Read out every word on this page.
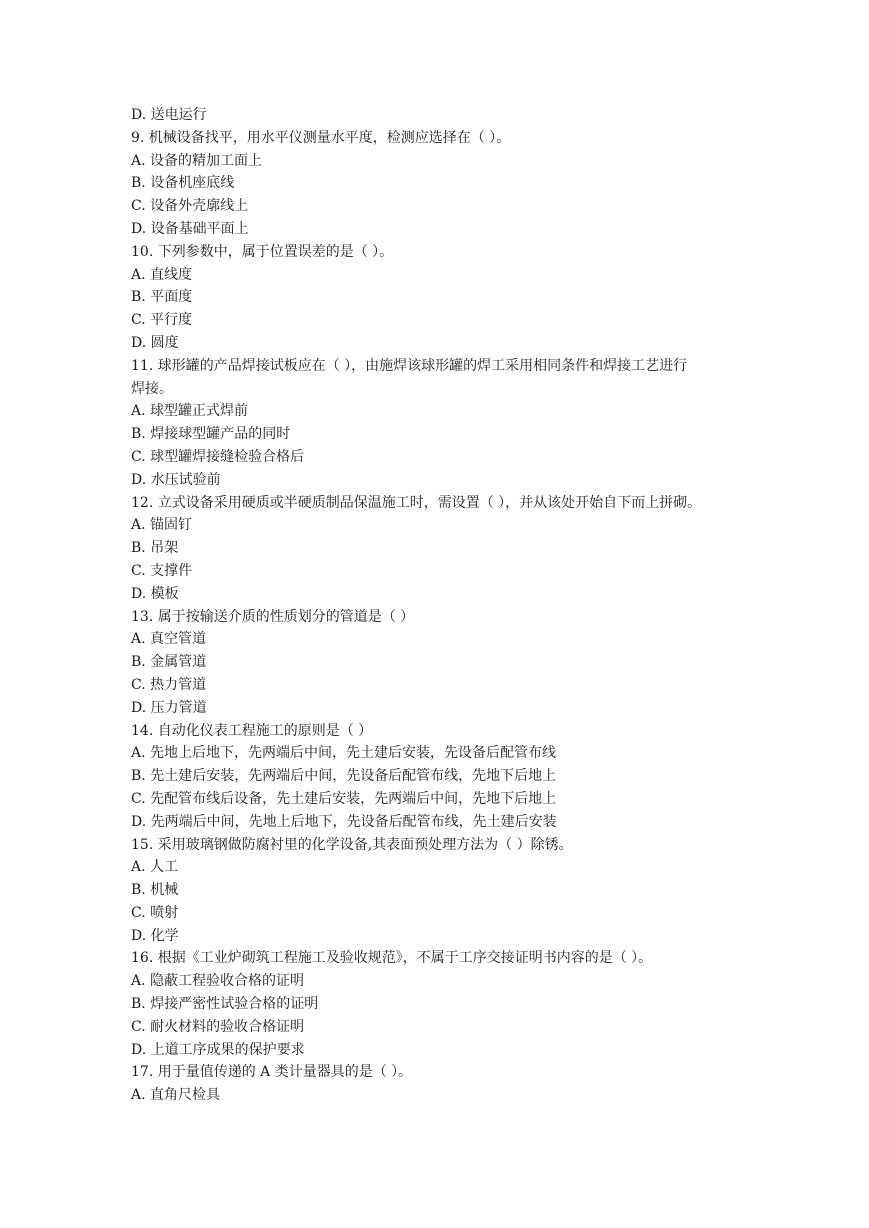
D. 送电运行

9. 机械设备找平，用水平仪测量水平度，检测应选择在（ ）。

A. 设备的精加工面上

B. 设备机座底线

C. 设备外壳廓线上

D. 设备基础平面上

10. 下列参数中，属于位置误差的是（ ）。

A. 直线度

B. 平面度

C. 平行度

D. 圆度

11. 球形罐的产品焊接试板应在（ ），由施焊该球形罐的焊工采用相同条件和焊接工艺进行

焊接。

A. 球型罐正式焊前

B. 焊接球型罐产品的同时

C. 球型罐焊接缝检验合格后

D. 水压试验前

12. 立式设备采用硬质或半硬质制品保温施工时，需设置（ ），并从该处开始自下而上拼砌。

A. 锚固钉

B. 吊架

C. 支撑件

D. 模板

13. 属于按输送介质的性质划分的管道是（ ）

A. 真空管道

B. 金属管道

C. 热力管道

D. 压力管道

14. 自动化仪表工程施工的原则是（ ）

A. 先地上后地下，先两端后中间，先土建后安装，先设备后配管布线

B. 先土建后安装，先两端后中间，先设备后配管布线，先地下后地上

C. 先配管布线后设备，先土建后安装，先两端后中间，先地下后地上

D. 先两端后中间，先地上后地下，先设备后配管布线，先土建后安装

15. 采用玻璃钢做防腐衬里的化学设备,其表面预处理方法为（ ）除锈。

A. 人工

B. 机械

C. 喷射

D. 化学

16. 根据《工业炉砌筑工程施工及验收规范》，不属于工序交接证明书内容的是（ ）。

A. 隐蔽工程验收合格的证明

B. 焊接严密性试验合格的证明

C. 耐火材料的验收合格证明

D. 上道工序成果的保护要求

17. 用于量值传递的 A 类计量器具的是（ ）。

A. 直角尺检具
